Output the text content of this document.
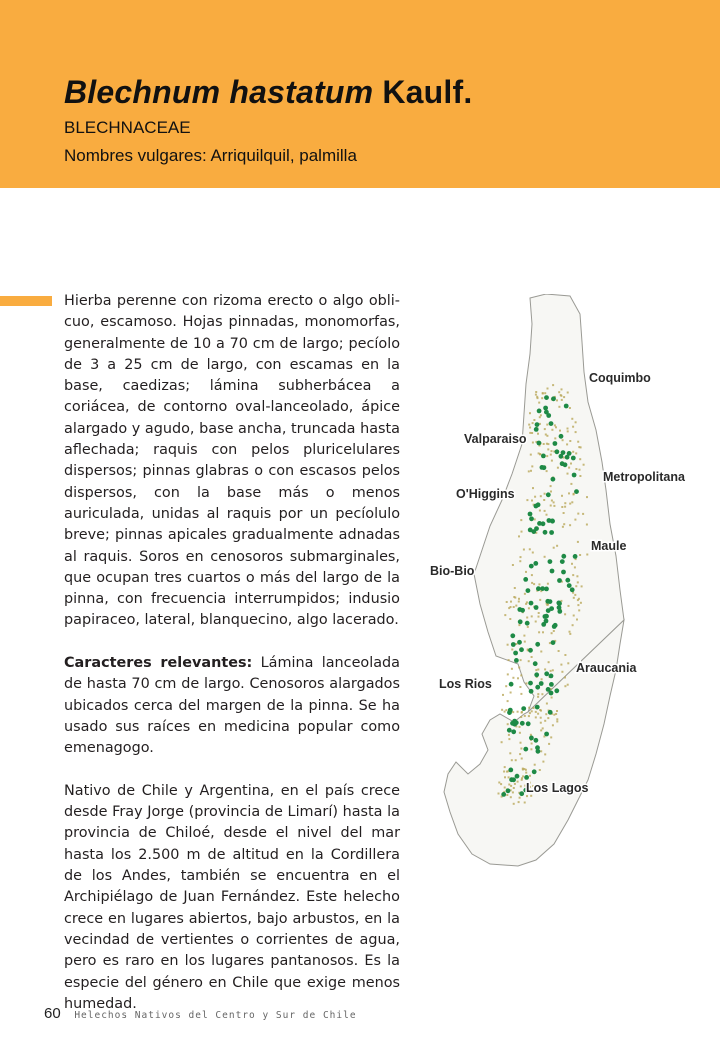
Blechnum hastatum Kaulf.
BLECHNACEAE
Nombres vulgares: Arriquilquil, palmilla

Hierba perenne con rizoma erecto o algo oblicuo, escamoso. Hojas pinnadas, monomorfas, generalmente de 10 a 70 cm de largo; pecíolo de 3 a 25 cm de largo, con escamas en la base, caedizas; lámina subherbácea a coriácea, de contorno oval-lanceolado, ápice alargado y agudo, base ancha, truncada hasta aflechada; raquis con pelos pluricelulares dispersos; pinnas glabras o con escasos pelos dispersos, con la base más o menos auriculada, unidas al raquis por un pecíolulo breve; pinnas apicales gradualmente adnadas al raquis. Soros en cenosoros submarginales, que ocupan tres cuartos o más del largo de la pinna, con frecuencia interrumpidos; indusio papiraceo, lateral, blanquecino, algo lacerado.

Caracteres relevantes: Lámina lanceolada de hasta 70 cm de largo. Cenosoros alargados ubicados cerca del margen de la pinna. Se ha usado sus raíces en medicina popular como emenagogo.

Nativo de Chile y Argentina, en el país crece desde Fray Jorge (provincia de Limarí) hasta la provincia de Chiloé, desde el nivel del mar hasta los 2.500 m de altitud en la Cordillera de los Andes, también se encuentra en el Archipiélago de Juan Fernández. Este helecho crece en lugares abiertos, bajo arbustos, en la vecindad de vertientes o corrientes de agua, pero es raro en los lugares pantanosos. Es la especie del género en Chile que exige menos humedad.

Coquimbo
Valparaiso
Metropolitana
O'Higgins
Maule
Bio-Bio
Araucania
Los Rios
Los Lagos
60 Helechos Nativos del Centro y Sur de Chile
